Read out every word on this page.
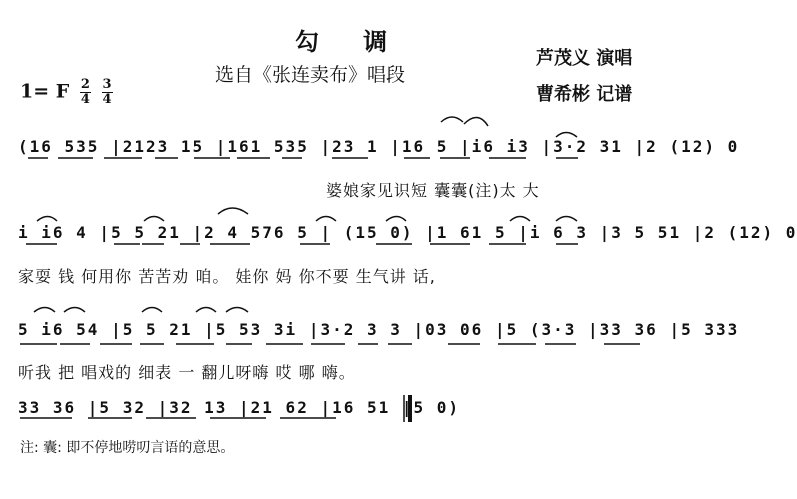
勾 调
选自《张连卖布》唱段
芦茂义 演唱
曹希彬 记谱
1= F $\frac{2}{4}$
$\frac{3}{4}$
(16 535 |2123 15 |161 535 |23 1 |16 5 |i6 i3 |3·2 31 |2 (12) 0
婆娘家见识短 囊囊(注)太 大
i i6 4 |5 5 21 |2 4 576 5 | (15 0) |1 61 5 |i 6 3 |3 5 51 |2 (12) 0
家耍 钱 何用你 苦苦劝 咱。 娃你 妈 你不要 生气讲 话,
5 i6 54 |5 5 21 |5 53 3i |3·2 3 3 |03 06 |5 (3·3 |33 36 |5 333
听我 把 唱戏的 细表 一 翻儿呀嗨 哎 哪 嗨。
33 36 |5 32 |32 13 |21 62 |16 51 |5 0)
注: 囊: 即不停地唠叨言语的意思。
